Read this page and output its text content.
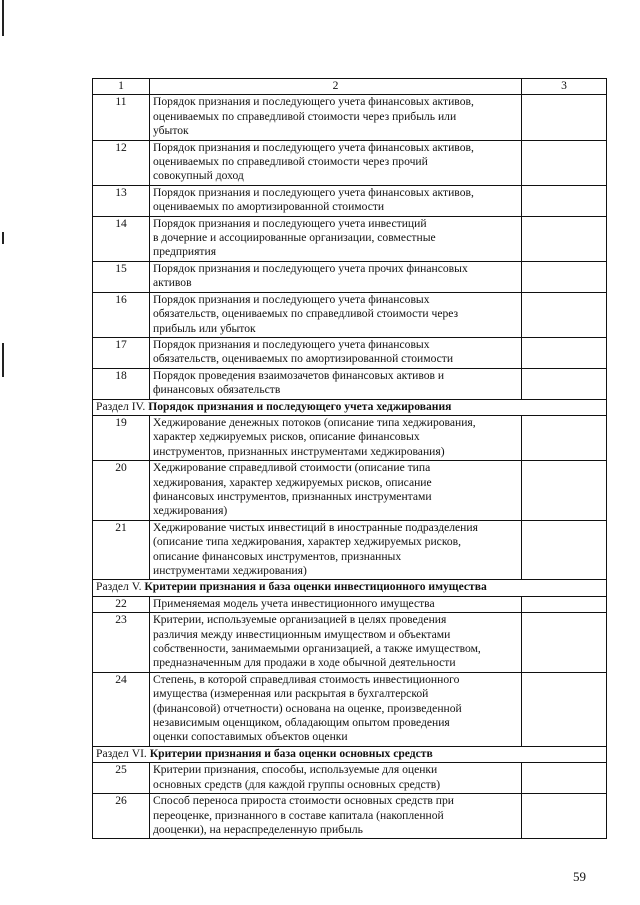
1	2	3
11	Порядок признания и последующего учета финансовых активов,
оцениваемых по справедливой стоимости через прибыль или
убыток	
12	Порядок признания и последующего учета финансовых активов,
оцениваемых по справедливой стоимости через прочий
совокупный доход	
13	Порядок признания и последующего учета финансовых активов,
оцениваемых по амортизированной стоимости	
14	Порядок признания и последующего учета инвестиций
в дочерние и ассоциированные организации, совместные
предприятия	
15	Порядок признания и последующего учета прочих финансовых
активов	
16	Порядок признания и последующего учета финансовых
обязательств, оцениваемых по справедливой стоимости через
прибыль или убыток	
17	Порядок признания и последующего учета финансовых
обязательств, оцениваемых по амортизированной стоимости	
18	Порядок проведения взаимозачетов финансовых активов и
финансовых обязательств	
Раздел IV. Порядок признания и последующего учета хеджирования		
19	Хеджирование денежных потоков (описание типа хеджирования,
характер хеджируемых рисков, описание финансовых
инструментов, признанных инструментами хеджирования)	
20	Хеджирование справедливой стоимости (описание типа
хеджирования, характер хеджируемых рисков, описание
финансовых инструментов, признанных инструментами
хеджирования)	
21	Хеджирование чистых инвестиций в иностранные подразделения
(описание типа хеджирования, характер хеджируемых рисков,
описание финансовых инструментов, признанных
инструментами хеджирования)	
Раздел V. Критерии признания и база оценки инвестиционного имущества		
22	Применяемая модель учета инвестиционного имущества	
23	Критерии, используемые организацией в целях проведения
различия между инвестиционным имуществом и объектами
собственности, занимаемыми организацией, а также имуществом,
предназначенным для продажи в ходе обычной деятельности	
24	Степень, в которой справедливая стоимость инвестиционного
имущества (измеренная или раскрытая в бухгалтерской
(финансовой) отчетности) основана на оценке, произведенной
независимым оценщиком, обладающим опытом проведения
оценки сопоставимых объектов оценки	
Раздел VI. Критерии признания и база оценки основных средств		
25	Критерии признания, способы, используемые для оценки
основных средств (для каждой группы основных средств)	
26	Способ переноса прироста стоимости основных средств при
переоценке, признанного в составе капитала (накопленной
дооценки), на нераспределенную прибыль	
59
